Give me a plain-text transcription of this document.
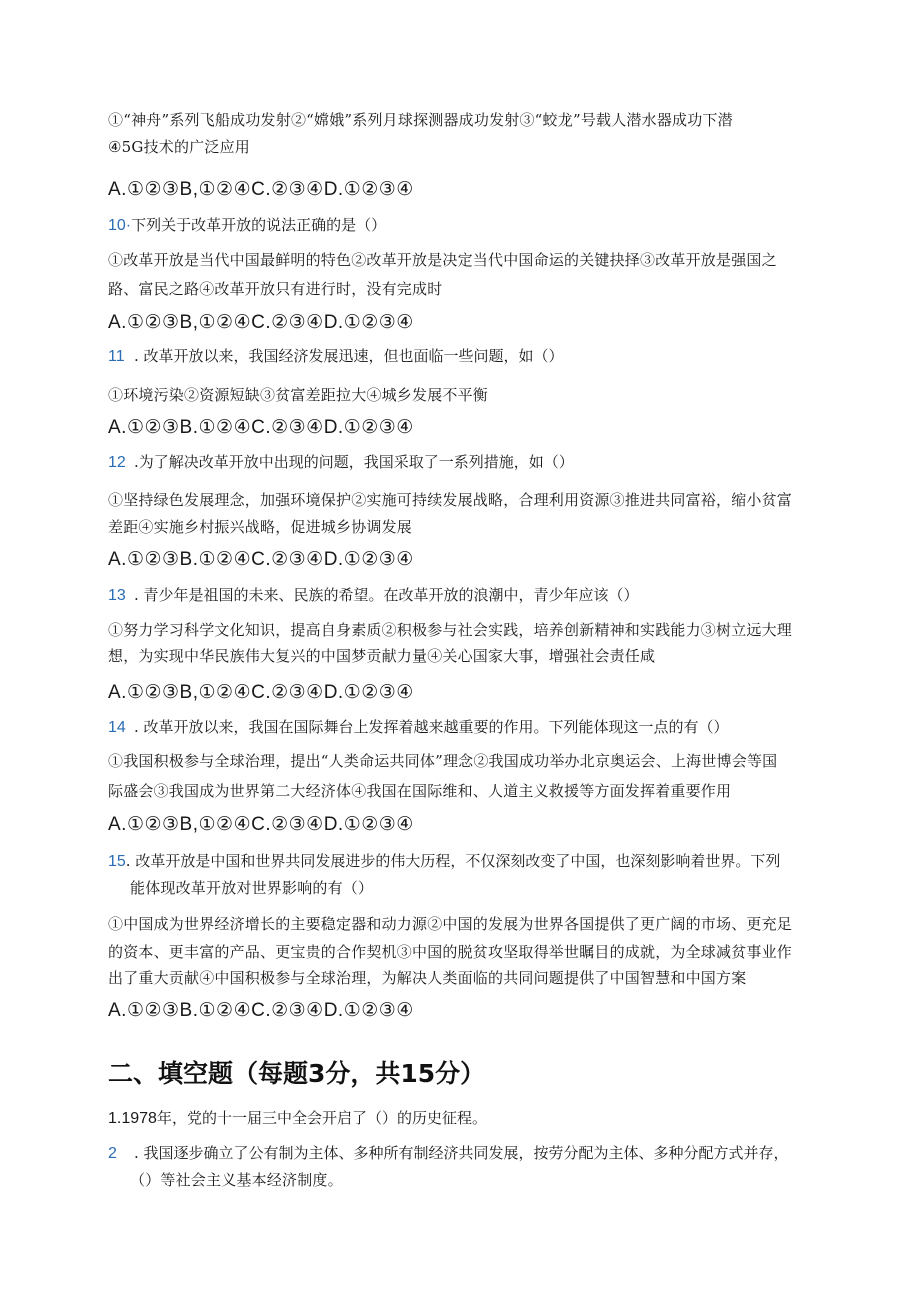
①“神舟”系列飞船成功发射②“嫦娥”系列月球探测器成功发射③“蛟龙”号载人潜水器成功下潜
④5G技术的广泛应用
A.①②③B,①②④C.②③④D.①②③④
10·下列关于改革开放的说法正确的是（）
①改革开放是当代中国最鲜明的特色②改革开放是决定当代中国命运的关键抉择③改革开放是强国之
路、富民之路④改革开放只有进行时，没有完成时
A.①②③B,①②④C.②③④D.①②③④
11 . 改革开放以来，我国经济发展迅速，但也面临一些问题，如（）
①环境污染②资源短缺③贫富差距拉大④城乡发展不平衡
A.①②③B.①②④C.②③④D.①②③④
12 .为了解决改革开放中出现的问题，我国采取了一系列措施，如（）
①坚持绿色发展理念，加强环境保护②实施可持续发展战略，合理利用资源③推进共同富裕，缩小贫富
差距④实施乡村振兴战略，促进城乡协调发展
A.①②③B.①②④C.②③④D.①②③④
13 . 青少年是祖国的未来、民族的希望。在改革开放的浪潮中，青少年应该（）
①努力学习科学文化知识，提高自身素质②积极参与社会实践，培养创新精神和实践能力③树立远大理
想，为实现中华民族伟大复兴的中国梦贡献力量④关心国家大事，增强社会责任咸
A.①②③B,①②④C.②③④D.①②③④
14 . 改革开放以来，我国在国际舞台上发挥着越来越重要的作用。下列能体现这一点的有（）
①我国积极参与全球治理，提出“人类命运共同体”理念②我国成功举办北京奥运会、上海世博会等国
际盛会③我国成为世界第二大经济体④我国在国际维和、人道主义救援等方面发挥着重要作用
A.①②③B,①②④C.②③④D.①②③④
15. 改革开放是中国和世界共同发展进步的伟大历程，不仅深刻改变了中国，也深刻影响着世界。下列
能体现改革开放对世界影响的有（）
①中国成为世界经济增长的主要稳定器和动力源②中国的发展为世界各国提供了更广阔的市场、更充足
的资本、更丰富的产品、更宝贵的合作契机③中国的脱贫攻坚取得举世瞩目的成就，为全球减贫事业作
出了重大贡献④中国积极参与全球治理，为解决人类面临的共同问题提供了中国智慧和中国方案
A.①②③B.①②④C.②③④D.①②③④
二、填空题（每题3分，共15分）
1.1978年，党的十一届三中全会开启了（）的历史征程。
2 . 我国逐步确立了公有制为主体、多种所有制经济共同发展，按劳分配为主体、多种分配方式并存，
（）等社会主义基本经济制度。
